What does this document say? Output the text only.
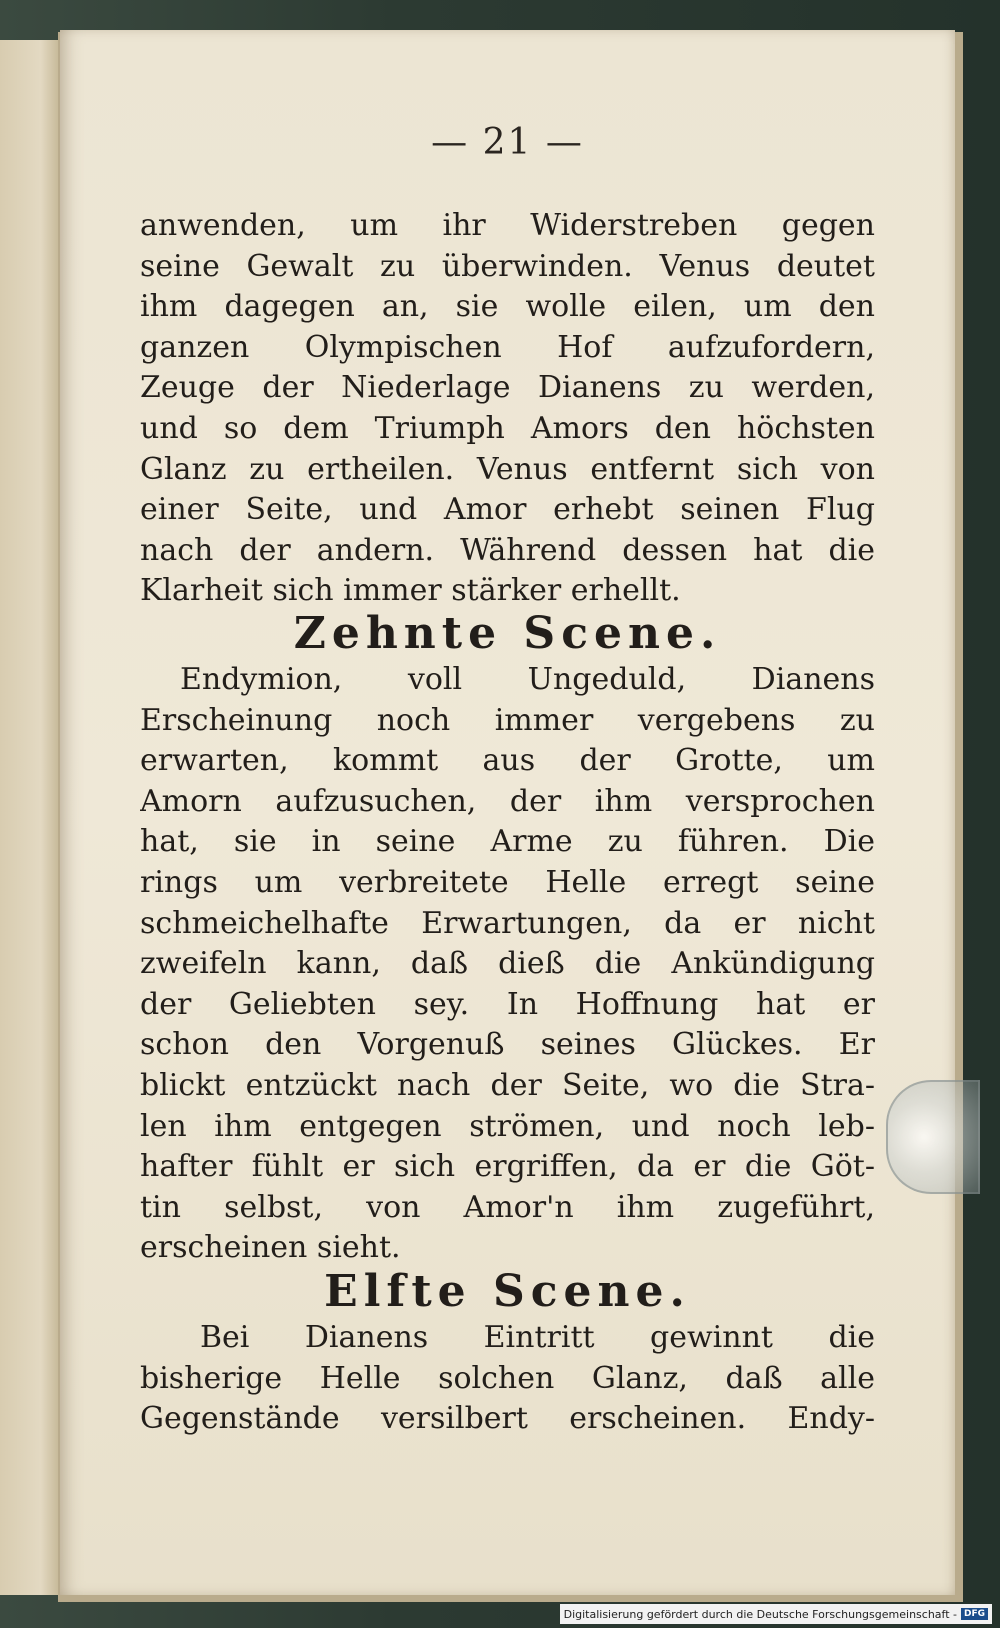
— 21 —
anwenden, um ihr Widerstreben gegen
seine Gewalt zu überwinden. Venus deutet
ihm dagegen an, sie wolle eilen, um den
ganzen Olympischen Hof aufzufordern,
Zeuge der Niederlage Dianens zu werden,
und so dem Triumph Amors den höchsten
Glanz zu ertheilen. Venus entfernt sich von
einer Seite, und Amor erhebt seinen Flug
nach der andern. Während dessen hat die
Klarheit sich immer stärker erhellt.
Zehnte Scene.
Endymion, voll Ungeduld, Dianens
Erscheinung noch immer vergebens zu
erwarten, kommt aus der Grotte, um
Amorn aufzusuchen, der ihm versprochen
hat, sie in seine Arme zu führen. Die
rings um verbreitete Helle erregt seine
schmeichelhafte Erwartungen, da er nicht
zweifeln kann, daß dieß die Ankündigung
der Geliebten sey. In Hoffnung hat er
schon den Vorgenuß seines Glückes. Er
blickt entzückt nach der Seite, wo die Stra-
len ihm entgegen strömen, und noch leb-
hafter fühlt er sich ergriffen, da er die Göt-
tin selbst, von Amor'n ihm zugeführt,
erscheinen sieht.
Elfte Scene.
Bei Dianens Eintritt gewinnt die
bisherige Helle solchen Glanz, daß alle
Gegenstände versilbert erscheinen. Endy-
Digitalisierung gefördert durch die Deutsche Forschungsgemeinschaft - DFG
